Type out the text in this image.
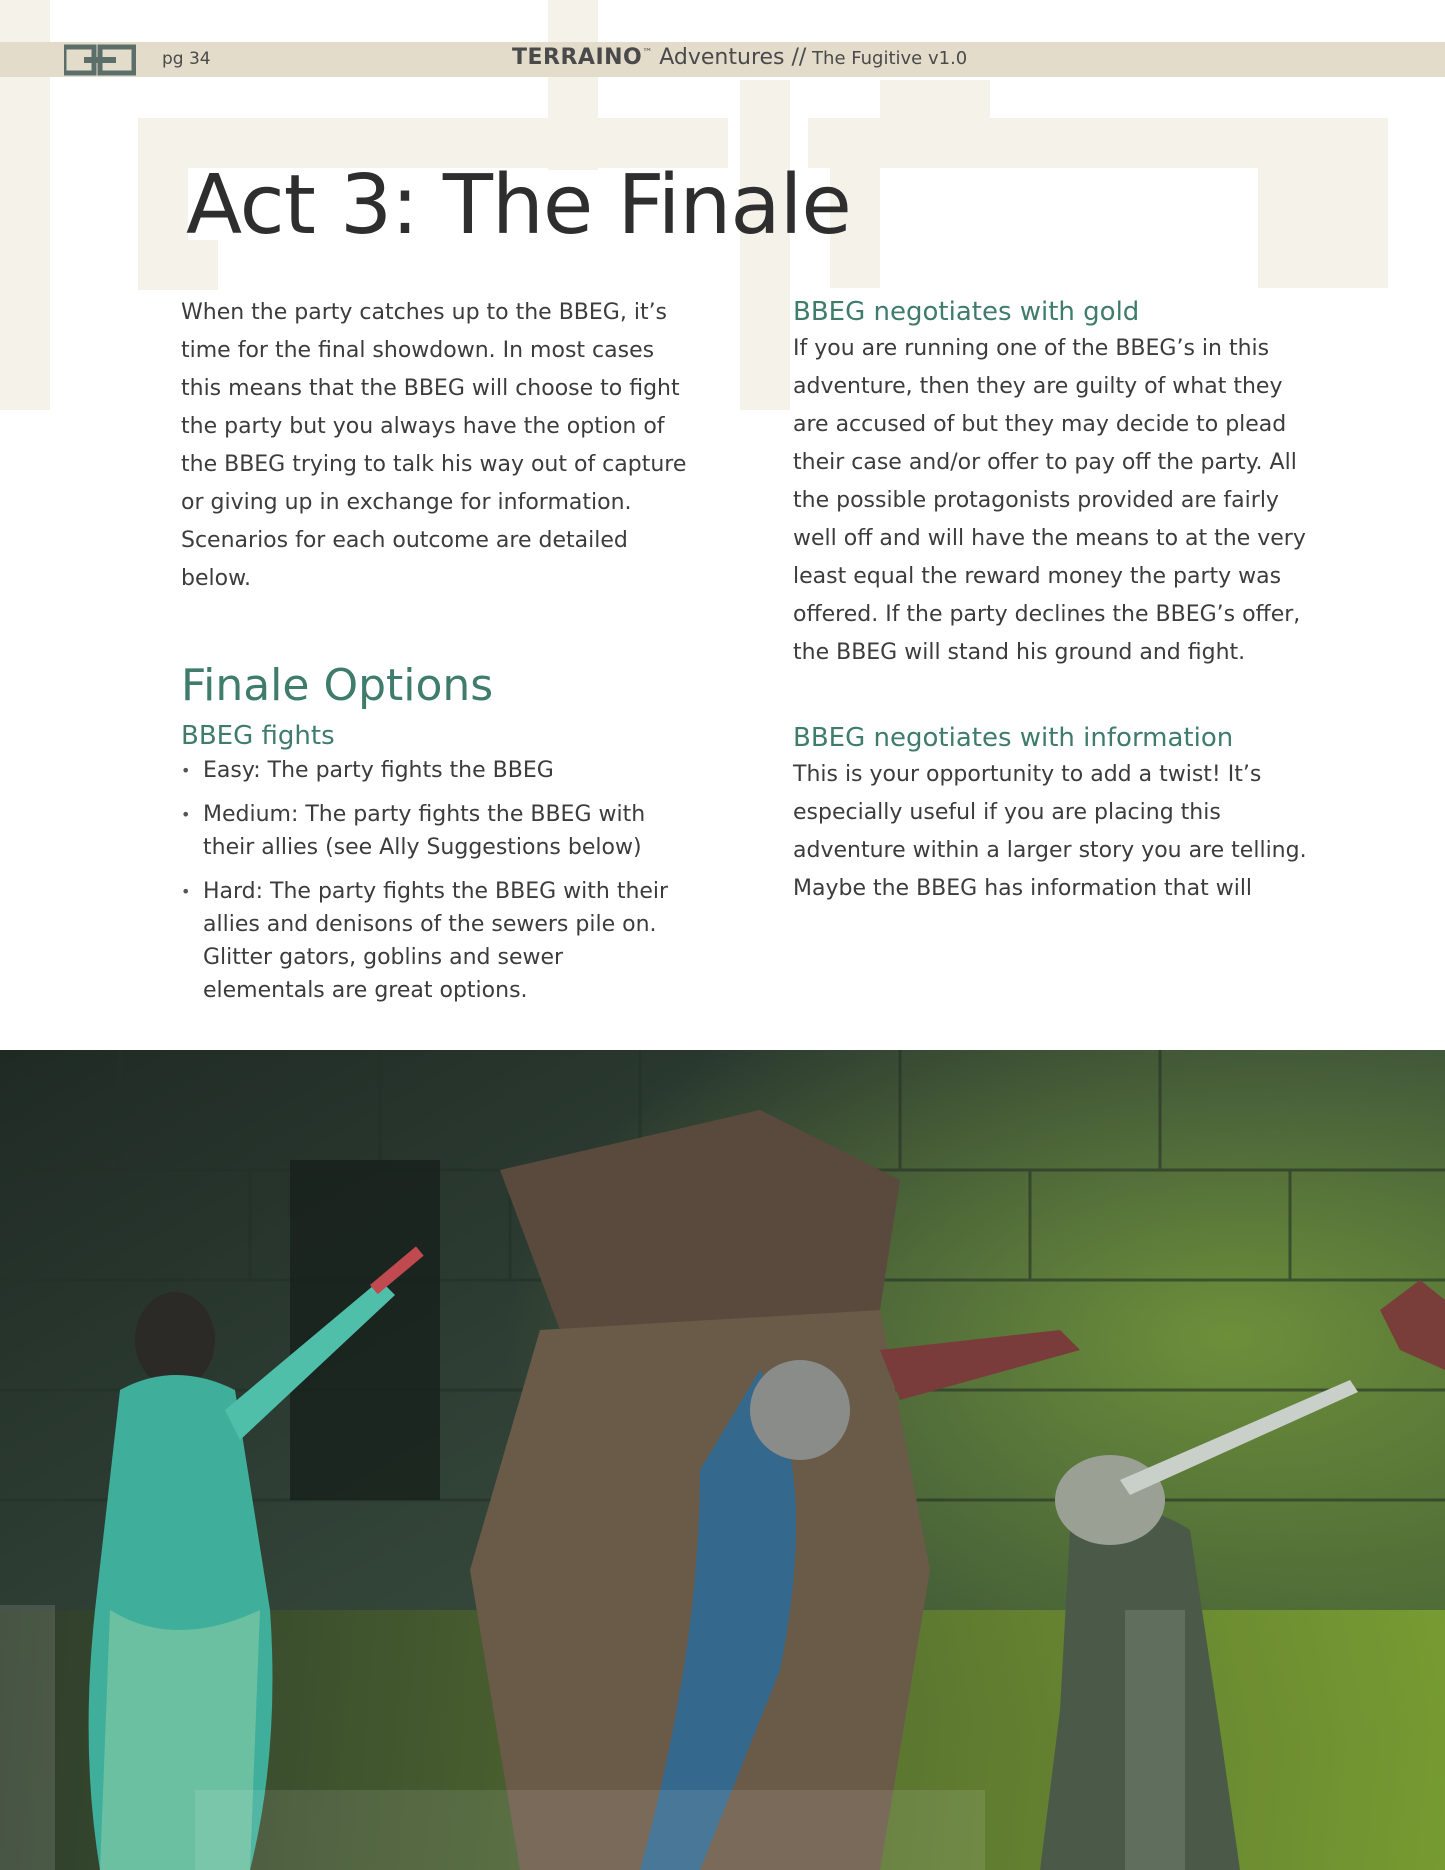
pg 34	TERRAINO™ Adventures // The Fugitive v1.0
Act 3: The Finale

When the party catches up to the BBEG, it’s time for the final showdown. In most cases this means that the BBEG will choose to fight the party but you always have the option of the BBEG trying to talk his way out of capture or giving up in exchange for information. Scenarios for each outcome are detailed below.

Finale Options
BBEG fights
• Easy: The party fights the BBEG
• Medium: The party fights the BBEG with their allies (see Ally Suggestions below)
• Hard: The party fights the BBEG with their allies and denisons of the sewers pile on. Glitter gators, goblins and sewer elementals are great options.
BBEG negotiates with gold

If you are running one of the BBEG’s in this adventure, then they are guilty of what they are accused of but they may decide to plead their case and/or offer to pay off the party. All the possible protagonists provided are fairly well off and will have the means to at the very least equal the reward money the party was offered. If the party declines the BBEG’s offer, the BBEG will stand his ground and fight.

BBEG negotiates with information

This is your opportunity to add a twist! It’s especially useful if you are placing this adventure within a larger story you are telling. Maybe the BBEG has information that will
